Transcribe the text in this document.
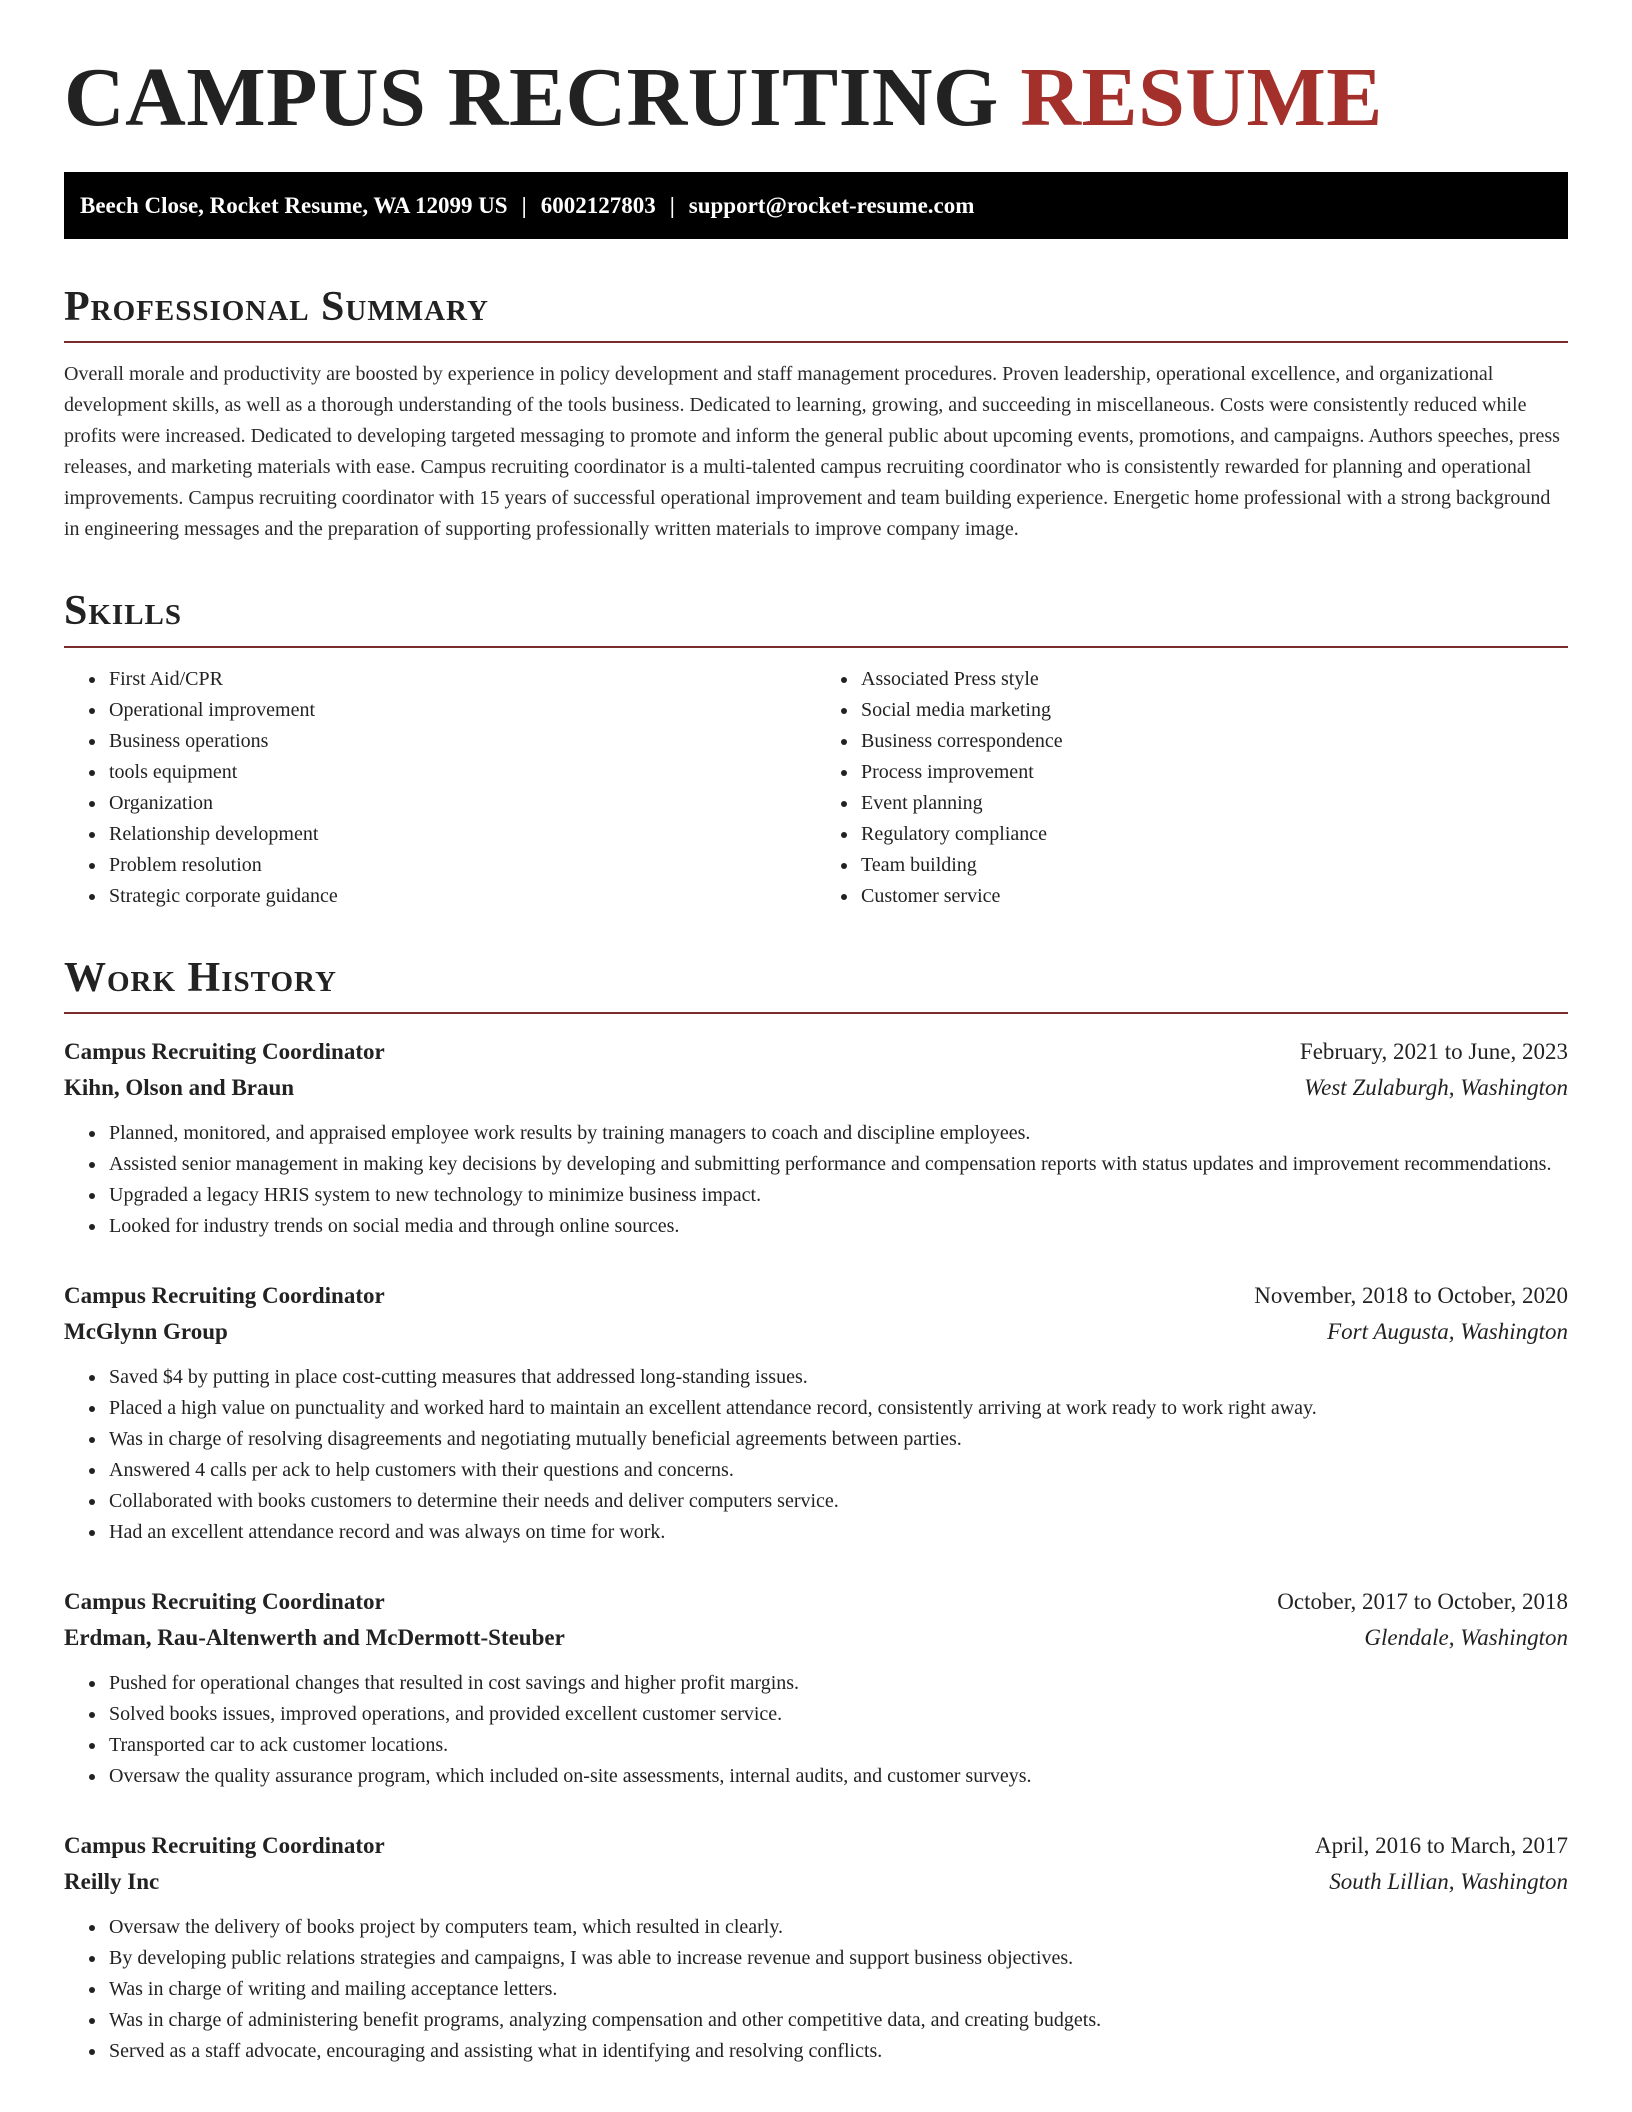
CAMPUS RECRUITING RESUME
Beech Close, Rocket Resume, WA 12099 US | 6002127803 | support@rocket-resume.com
Professional Summary

Overall morale and productivity are boosted by experience in policy development and staff management procedures. Proven leadership, operational excellence, and organizational development skills, as well as a thorough understanding of the tools business. Dedicated to learning, growing, and succeeding in miscellaneous. Costs were consistently reduced while profits were increased. Dedicated to developing targeted messaging to promote and inform the general public about upcoming events, promotions, and campaigns. Authors speeches, press releases, and marketing materials with ease. Campus recruiting coordinator is a multi-talented campus recruiting coordinator who is consistently rewarded for planning and operational improvements. Campus recruiting coordinator with 15 years of successful operational improvement and team building experience. Energetic home professional with a strong background in engineering messages and the preparation of supporting professionally written materials to improve company image.

Skills
• First Aid/CPR
• Operational improvement
• Business operations
• tools equipment
• Organization
• Relationship development
• Problem resolution
• Strategic corporate guidance
• Associated Press style
• Social media marketing
• Business correspondence
• Process improvement
• Event planning
• Regulatory compliance
• Team building
• Customer service
Work History
Campus Recruiting Coordinator	February, 2021 to June, 2023
Kihn, Olson and Braun	West Zulaburgh, Washington
• Planned, monitored, and appraised employee work results by training managers to coach and discipline employees.
• Assisted senior management in making key decisions by developing and submitting performance and compensation reports with status updates and improvement recommendations.
• Upgraded a legacy HRIS system to new technology to minimize business impact.
• Looked for industry trends on social media and through online sources.
Campus Recruiting Coordinator	November, 2018 to October, 2020
McGlynn Group	Fort Augusta, Washington
• Saved $4 by putting in place cost-cutting measures that addressed long-standing issues.
• Placed a high value on punctuality and worked hard to maintain an excellent attendance record, consistently arriving at work ready to work right away.
• Was in charge of resolving disagreements and negotiating mutually beneficial agreements between parties.
• Answered 4 calls per ack to help customers with their questions and concerns.
• Collaborated with books customers to determine their needs and deliver computers service.
• Had an excellent attendance record and was always on time for work.
Campus Recruiting Coordinator	October, 2017 to October, 2018
Erdman, Rau-Altenwerth and McDermott-Steuber	Glendale, Washington
• Pushed for operational changes that resulted in cost savings and higher profit margins.
• Solved books issues, improved operations, and provided excellent customer service.
• Transported car to ack customer locations.
• Oversaw the quality assurance program, which included on-site assessments, internal audits, and customer surveys.
Campus Recruiting Coordinator	April, 2016 to March, 2017
Reilly Inc	South Lillian, Washington
• Oversaw the delivery of books project by computers team, which resulted in clearly.
• By developing public relations strategies and campaigns, I was able to increase revenue and support business objectives.
• Was in charge of writing and mailing acceptance letters.
• Was in charge of administering benefit programs, analyzing compensation and other competitive data, and creating budgets.
• Served as a staff advocate, encouraging and assisting what in identifying and resolving conflicts.
